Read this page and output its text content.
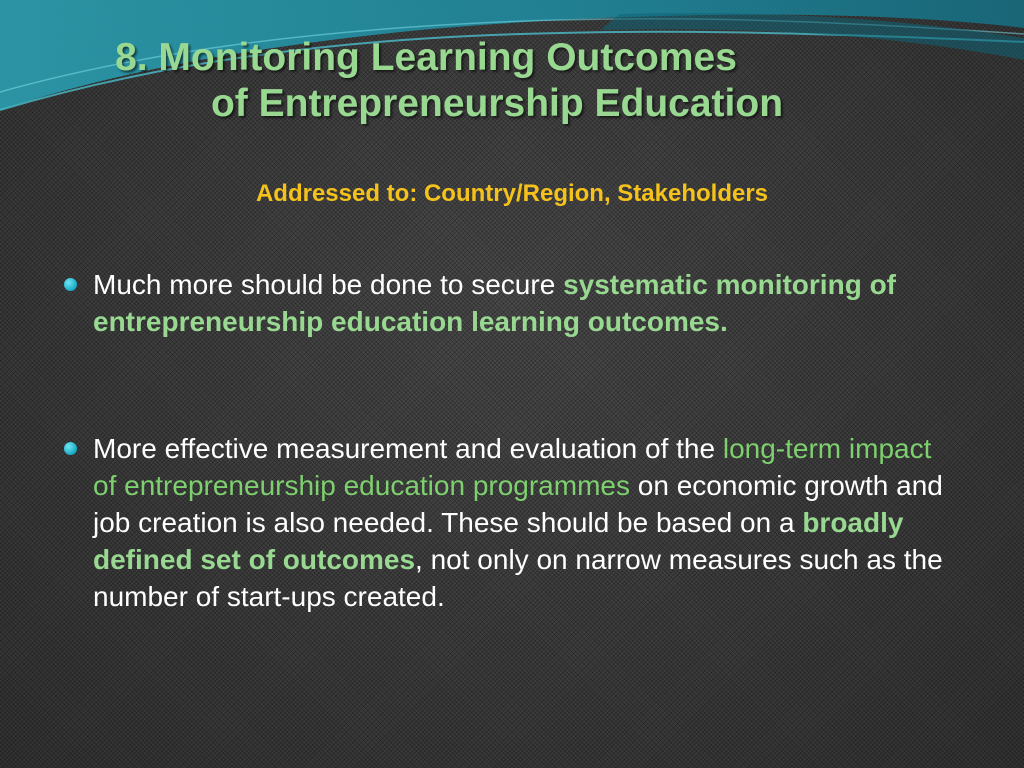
8. Monitoring Learning Outcomes
of Entrepreneurship Education
Addressed to: Country/Region, Stakeholders
Much more should be done to secure systematic monitoring of entrepreneurship education learning outcomes.
More effective measurement and evaluation of the long-term impact of entrepreneurship education programmes on economic growth and job creation is also needed. These should be based on a broadly defined set of outcomes, not only on narrow measures such as the number of start-ups created.
